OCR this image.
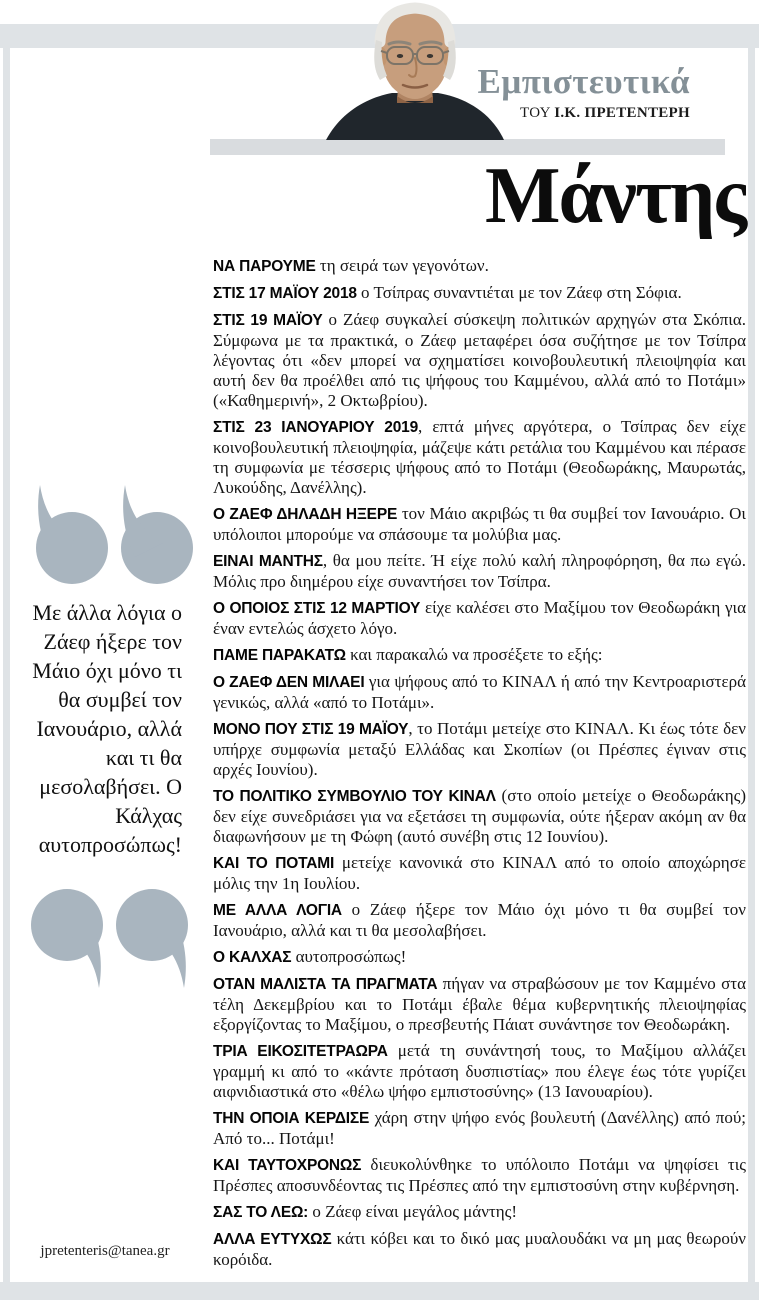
Εμπιστευτικά
ΤΟΥ Ι.Κ. ΠΡΕΤΕΝΤΕΡΗ
Μάντης
Με άλλα λόγια ο Ζάεφ ήξερε τον Μάιο όχι μόνο τι θα συμβεί τον Ιανουάριο, αλλά και τι θα μεσολαβήσει. Ο Κάλχας αυτοπροσώπως!
jpretenteris@tanea.gr

ΝΑ ΠΑΡΟΥΜΕ τη σειρά των γεγονότων.

ΣΤΙΣ 17 ΜΑΪΟΥ 2018 ο Τσίπρας συναντιέται με τον Ζάεφ στη Σόφια.

ΣΤΙΣ 19 ΜΑΪΟΥ ο Ζάεφ συγκαλεί σύσκεψη πολιτικών αρχηγών στα Σκόπια. Σύμφωνα με τα πρακτικά, ο Ζάεφ μεταφέρει όσα συζήτησε με τον Τσίπρα λέγοντας ότι «δεν μπορεί να σχηματίσει κοινοβουλευτική πλειοψηφία και αυτή δεν θα προέλθει από τις ψήφους του Καμμένου, αλλά από το Ποτάμι» («Καθημερινή», 2 Οκτωβρίου).

ΣΤΙΣ 23 ΙΑΝΟΥΑΡΙΟΥ 2019, επτά μήνες αργότερα, ο Τσίπρας δεν είχε κοινοβουλευτική πλειοψηφία, μάζεψε κάτι ρετάλια του Καμμένου και πέρασε τη συμφωνία με τέσσερις ψήφους από το Ποτάμι (Θεοδωράκης, Μαυρωτάς, Λυκούδης, Δανέλλης).

Ο ΖΑΕΦ ΔΗΛΑΔΗ ΗΞΕΡΕ τον Μάιο ακριβώς τι θα συμβεί τον Ιανουάριο. Οι υπόλοιποι μπορούμε να σπάσουμε τα μολύβια μας.

ΕΙΝΑΙ ΜΑΝΤΗΣ, θα μου πείτε. Ή είχε πολύ καλή πληροφόρηση, θα πω εγώ. Μόλις προ διημέρου είχε συναντήσει τον Τσίπρα.

Ο ΟΠΟΙΟΣ ΣΤΙΣ 12 ΜΑΡΤΙΟΥ είχε καλέσει στο Μαξίμου τον Θεοδωράκη για έναν εντελώς άσχετο λόγο.

ΠΑΜΕ ΠΑΡΑΚΑΤΩ και παρακαλώ να προσέξετε το εξής:

Ο ΖΑΕΦ ΔΕΝ ΜΙΛΑΕΙ για ψήφους από το ΚΙΝΑΛ ή από την Κεντροαριστερά γενικώς, αλλά «από το Ποτάμι».

ΜΟΝΟ ΠΟΥ ΣΤΙΣ 19 ΜΑΪΟΥ, το Ποτάμι μετείχε στο ΚΙΝΑΛ. Κι έως τότε δεν υπήρχε συμφωνία μεταξύ Ελλάδας και Σκοπίων (οι Πρέσπες έγιναν στις αρχές Ιουνίου).

ΤΟ ΠΟΛΙΤΙΚΟ ΣΥΜΒΟΥΛΙΟ ΤΟΥ ΚΙΝΑΛ (στο οποίο μετείχε ο Θεοδωράκης) δεν είχε συνεδριάσει για να εξετάσει τη συμφωνία, ούτε ήξεραν ακόμη αν θα διαφωνήσουν με τη Φώφη (αυτό συνέβη στις 12 Ιουνίου).

ΚΑΙ ΤΟ ΠΟΤΑΜΙ μετείχε κανονικά στο ΚΙΝΑΛ από το οποίο αποχώρησε μόλις την 1η Ιουλίου.

ΜΕ ΑΛΛΑ ΛΟΓΙΑ ο Ζάεφ ήξερε τον Μάιο όχι μόνο τι θα συμβεί τον Ιανουάριο, αλλά και τι θα μεσολαβήσει.

Ο ΚΑΛΧΑΣ αυτοπροσώπως!

ΟΤΑΝ ΜΑΛΙΣΤΑ ΤΑ ΠΡΑΓΜΑΤΑ πήγαν να στραβώσουν με τον Καμμένο στα τέλη Δεκεμβρίου και το Ποτάμι έβαλε θέμα κυβερνητικής πλειοψηφίας εξοργίζοντας το Μαξίμου, ο πρεσβευτής Πάιατ συνάντησε τον Θεοδωράκη.

ΤΡΙΑ ΕΙΚΟΣΙΤΕΤΡΑΩΡΑ μετά τη συνάντησή τους, το Μαξίμου αλλάζει γραμμή κι από το «κάντε πρόταση δυσπιστίας» που έλεγε έως τότε γυρίζει αιφνιδιαστικά στο «θέλω ψήφο εμπιστοσύνης» (13 Ιανουαρίου).

ΤΗΝ ΟΠΟΙΑ ΚΕΡΔΙΣΕ χάρη στην ψήφο ενός βουλευτή (Δανέλλης) από πού; Από το... Ποτάμι!

ΚΑΙ ΤΑΥΤΟΧΡΟΝΩΣ διευκολύνθηκε το υπόλοιπο Ποτάμι να ψηφίσει τις Πρέσπες αποσυνδέοντας τις Πρέσπες από την εμπιστοσύνη στην κυβέρνηση.

ΣΑΣ ΤΟ ΛΕΩ: ο Ζάεφ είναι μεγάλος μάντης!

ΑΛΛΑ ΕΥΤΥΧΩΣ κάτι κόβει και το δικό μας μυαλουδάκι να μη μας θεωρούν κορόιδα.
